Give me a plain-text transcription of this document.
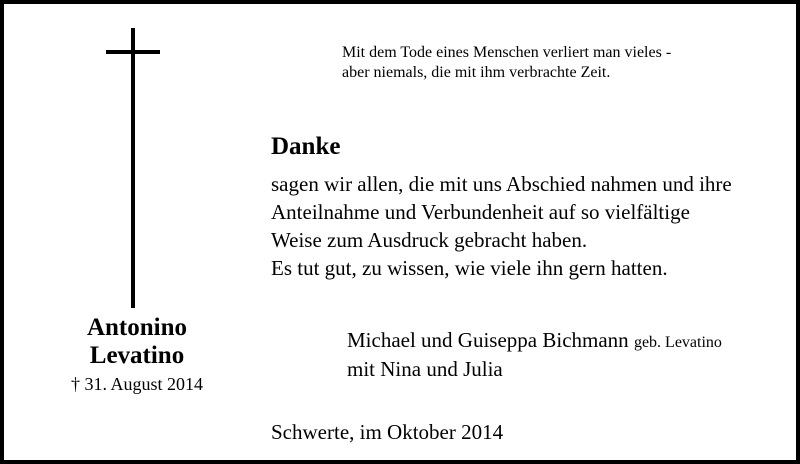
Antonino
Levatino
† 31. August 2014
Mit dem Tode eines Menschen verliert man vieles -
aber niemals, die mit ihm verbrachte Zeit.
Danke
sagen wir allen, die mit uns Abschied nahmen und ihre
Anteilnahme und Verbundenheit auf so vielfältige
Weise zum Ausdruck gebracht haben.
Es tut gut, zu wissen, wie viele ihn gern hatten.
Michael und Guiseppa Bichmann geb. Levatino
mit Nina und Julia
Schwerte, im Oktober 2014
